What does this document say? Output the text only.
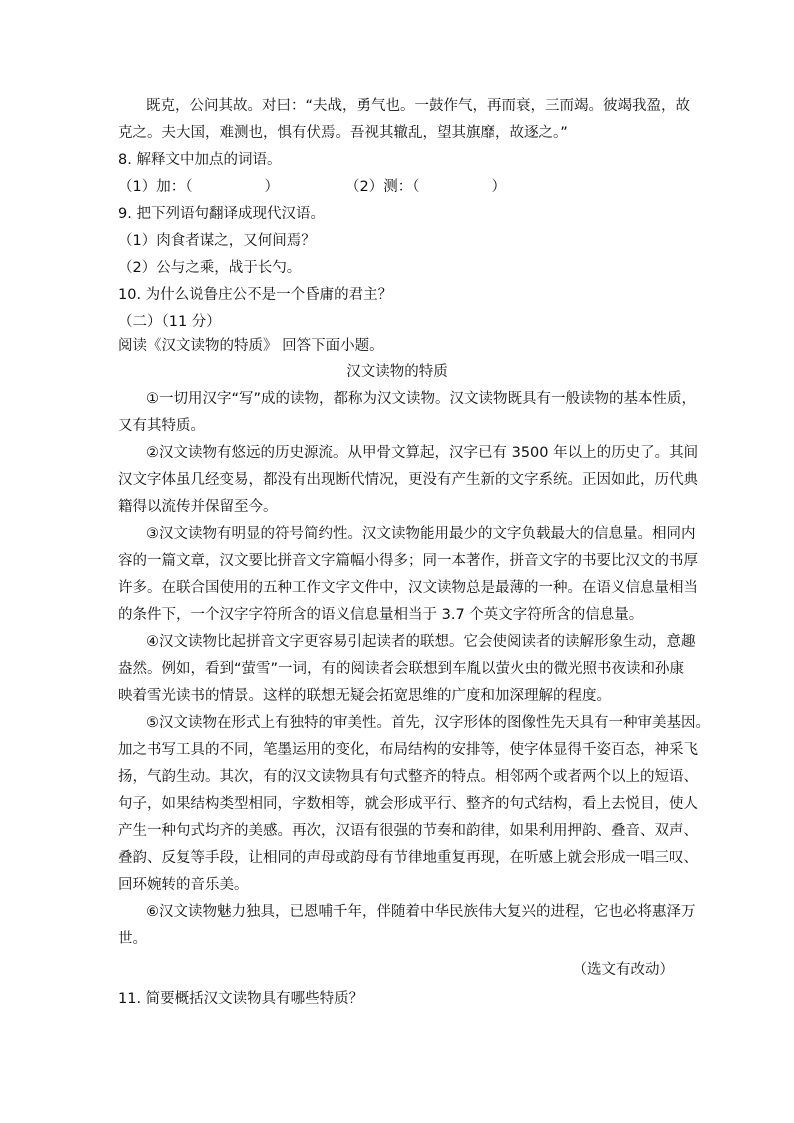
既克，公问其故。对曰：“夫战，勇气也。一鼓作气，再而衰，三而竭。彼竭我盈，故
克之。夫大国，难测也，惧有伏焉。吾视其辙乱，望其旗靡，故逐之。”
8. 解释文中加点的词语。
（1）加：（	）	（2）测：（	）
9. 把下列语句翻译成现代汉语。
（1）肉食者谋之，又何间焉？
（2）公与之乘，战于长勺。
10. 为什么说鲁庄公不是一个昏庸的君主？
（二）（11 分）
阅读《汉文读物的特质》 回答下面小题。
汉文读物的特质
①一切用汉字“写”成的读物，都称为汉文读物。汉文读物既具有一般读物的基本性质，
又有其特质。
②汉文读物有悠远的历史源流。从甲骨文算起，汉字已有 3500 年以上的历史了。其间
汉文字体虽几经变易，都没有出现断代情况，更没有产生新的文字系统。正因如此，历代典
籍得以流传并保留至今。
③汉文读物有明显的符号简约性。汉文读物能用最少的文字负载最大的信息量。相同内
容的一篇文章，汉文要比拼音文字篇幅小得多；同一本著作，拼音文字的书要比汉文的书厚
许多。在联合国使用的五种工作文字文件中，汉文读物总是最薄的一种。在语义信息量相当
的条件下，一个汉字字符所含的语义信息量相当于 3.7 个英文字符所含的信息量。
④汉文读物比起拼音文字更容易引起读者的联想。它会使阅读者的读解形象生动，意趣
盎然。例如，看到“萤雪”一词，有的阅读者会联想到车胤以萤火虫的微光照书夜读和孙康
映着雪光读书的情景。这样的联想无疑会拓宽思维的广度和加深理解的程度。
⑤汉文读物在形式上有独特的审美性。首先，汉字形体的图像性先天具有一种审美基因。
加之书写工具的不同，笔墨运用的变化，布局结构的安排等，使字体显得千姿百态，神采飞
扬，气韵生动。其次，有的汉文读物具有句式整齐的特点。相邻两个或者两个以上的短语、
句子，如果结构类型相同，字数相等，就会形成平行、整齐的句式结构，看上去悦目，使人
产生一种句式均齐的美感。再次，汉语有很强的节奏和韵律，如果利用押韵、叠音、双声、
叠韵、反复等手段，让相同的声母或韵母有节律地重复再现，在听感上就会形成一唱三叹、
回环婉转的音乐美。
⑥汉文读物魅力独具，已恩哺千年，伴随着中华民族伟大复兴的进程，它也必将惠泽万
世。
（选文有改动）
11. 简要概括汉文读物具有哪些特质？
